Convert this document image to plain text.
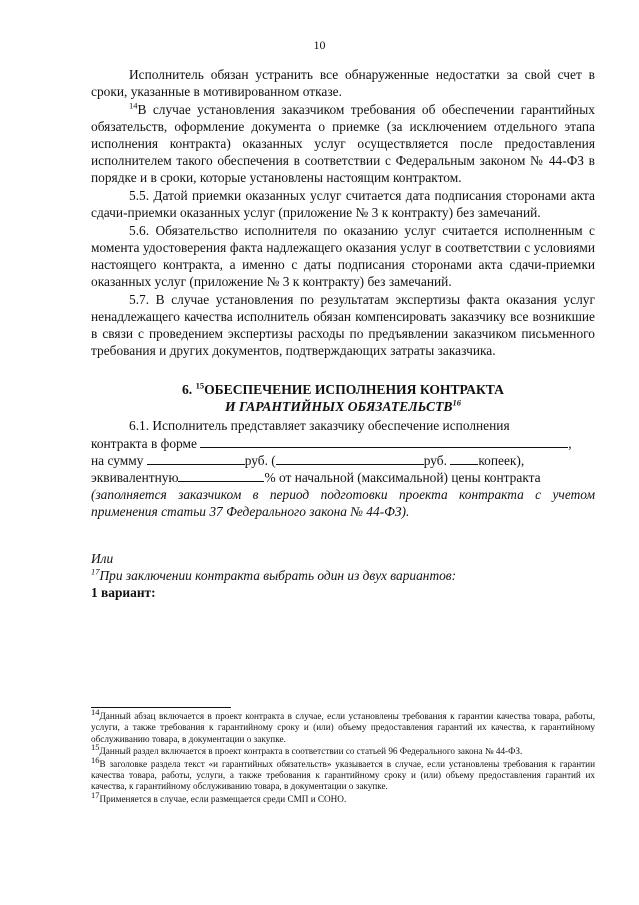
10

Исполнитель обязан устранить все обнаруженные недостатки за свой счет в сроки, указанные в мотивированном отказе.

$^{14}$В случае установления заказчиком требования об обеспечении гарантийных обязательств, оформление документа о приемке (за исключением отдельного этапа исполнения контракта) оказанных услуг осуществляется после предоставления исполнителем такого обеспечения в соответствии с Федеральным законом № 44-ФЗ в порядке и в сроки, которые установлены настоящим контрактом.

5.5. Датой приемки оказанных услуг считается дата подписания сторонами акта сдачи-приемки оказанных услуг (приложение № 3 к контракту) без замечаний.

5.6. Обязательство исполнителя по оказанию услуг считается исполненным с момента удостоверения факта надлежащего оказания услуг в соответствии с условиями настоящего контракта, а именно с даты подписания сторонами акта сдачи-приемки оказанных услуг (приложение № 3 к контракту) без замечаний.

5.7. В случае установления по результатам экспертизы факта оказания услуг ненадлежащего качества исполнитель обязан компенсировать заказчику все возникшие в связи с проведением экспертизы расходы по предъявлении заказчиком письменного требования и других документов, подтверждающих затраты заказчика.

6. $^{15}$ОБЕСПЕЧЕНИЕ ИСПОЛНЕНИЯ КОНТРАКТА
И ГАРАНТИЙНЫХ ОБЯЗАТЕЛЬСТВ$^{16}$

6.1. Исполнитель представляет заказчику обеспечение исполнения

контракта в форме	,
на сумму	руб. (	руб. копеек),
эквивалентную	% от начальной (максимальной) цены контракта

(заполняется заказчиком в период подготовки проекта контракта с учетом применения статьи 37 Федерального закона № 44-ФЗ).

Или

$^{17}$При заключении контракта выбрать один из двух вариантов:

1 вариант:

14Данный абзац включается в проект контракта в случае, если установлены требования к гарантии качества товара, работы, услуги, а также требования к гарантийному сроку и (или) объему предоставления гарантий их качества, к гарантийному обслуживанию товара, в документации о закупке.

15Данный раздел включается в проект контракта в соответствии со статьей 96 Федерального закона № 44-ФЗ.

16В заголовке раздела текст «и гарантийных обязательств» указывается в случае, если установлены требования к гарантии качества товара, работы, услуги, а также требования к гарантийному сроку и (или) объему предоставления гарантий их качества, к гарантийному обслуживанию товара, в документации о закупке.

17Применяется в случае, если размещается среди СМП и СОНО.
